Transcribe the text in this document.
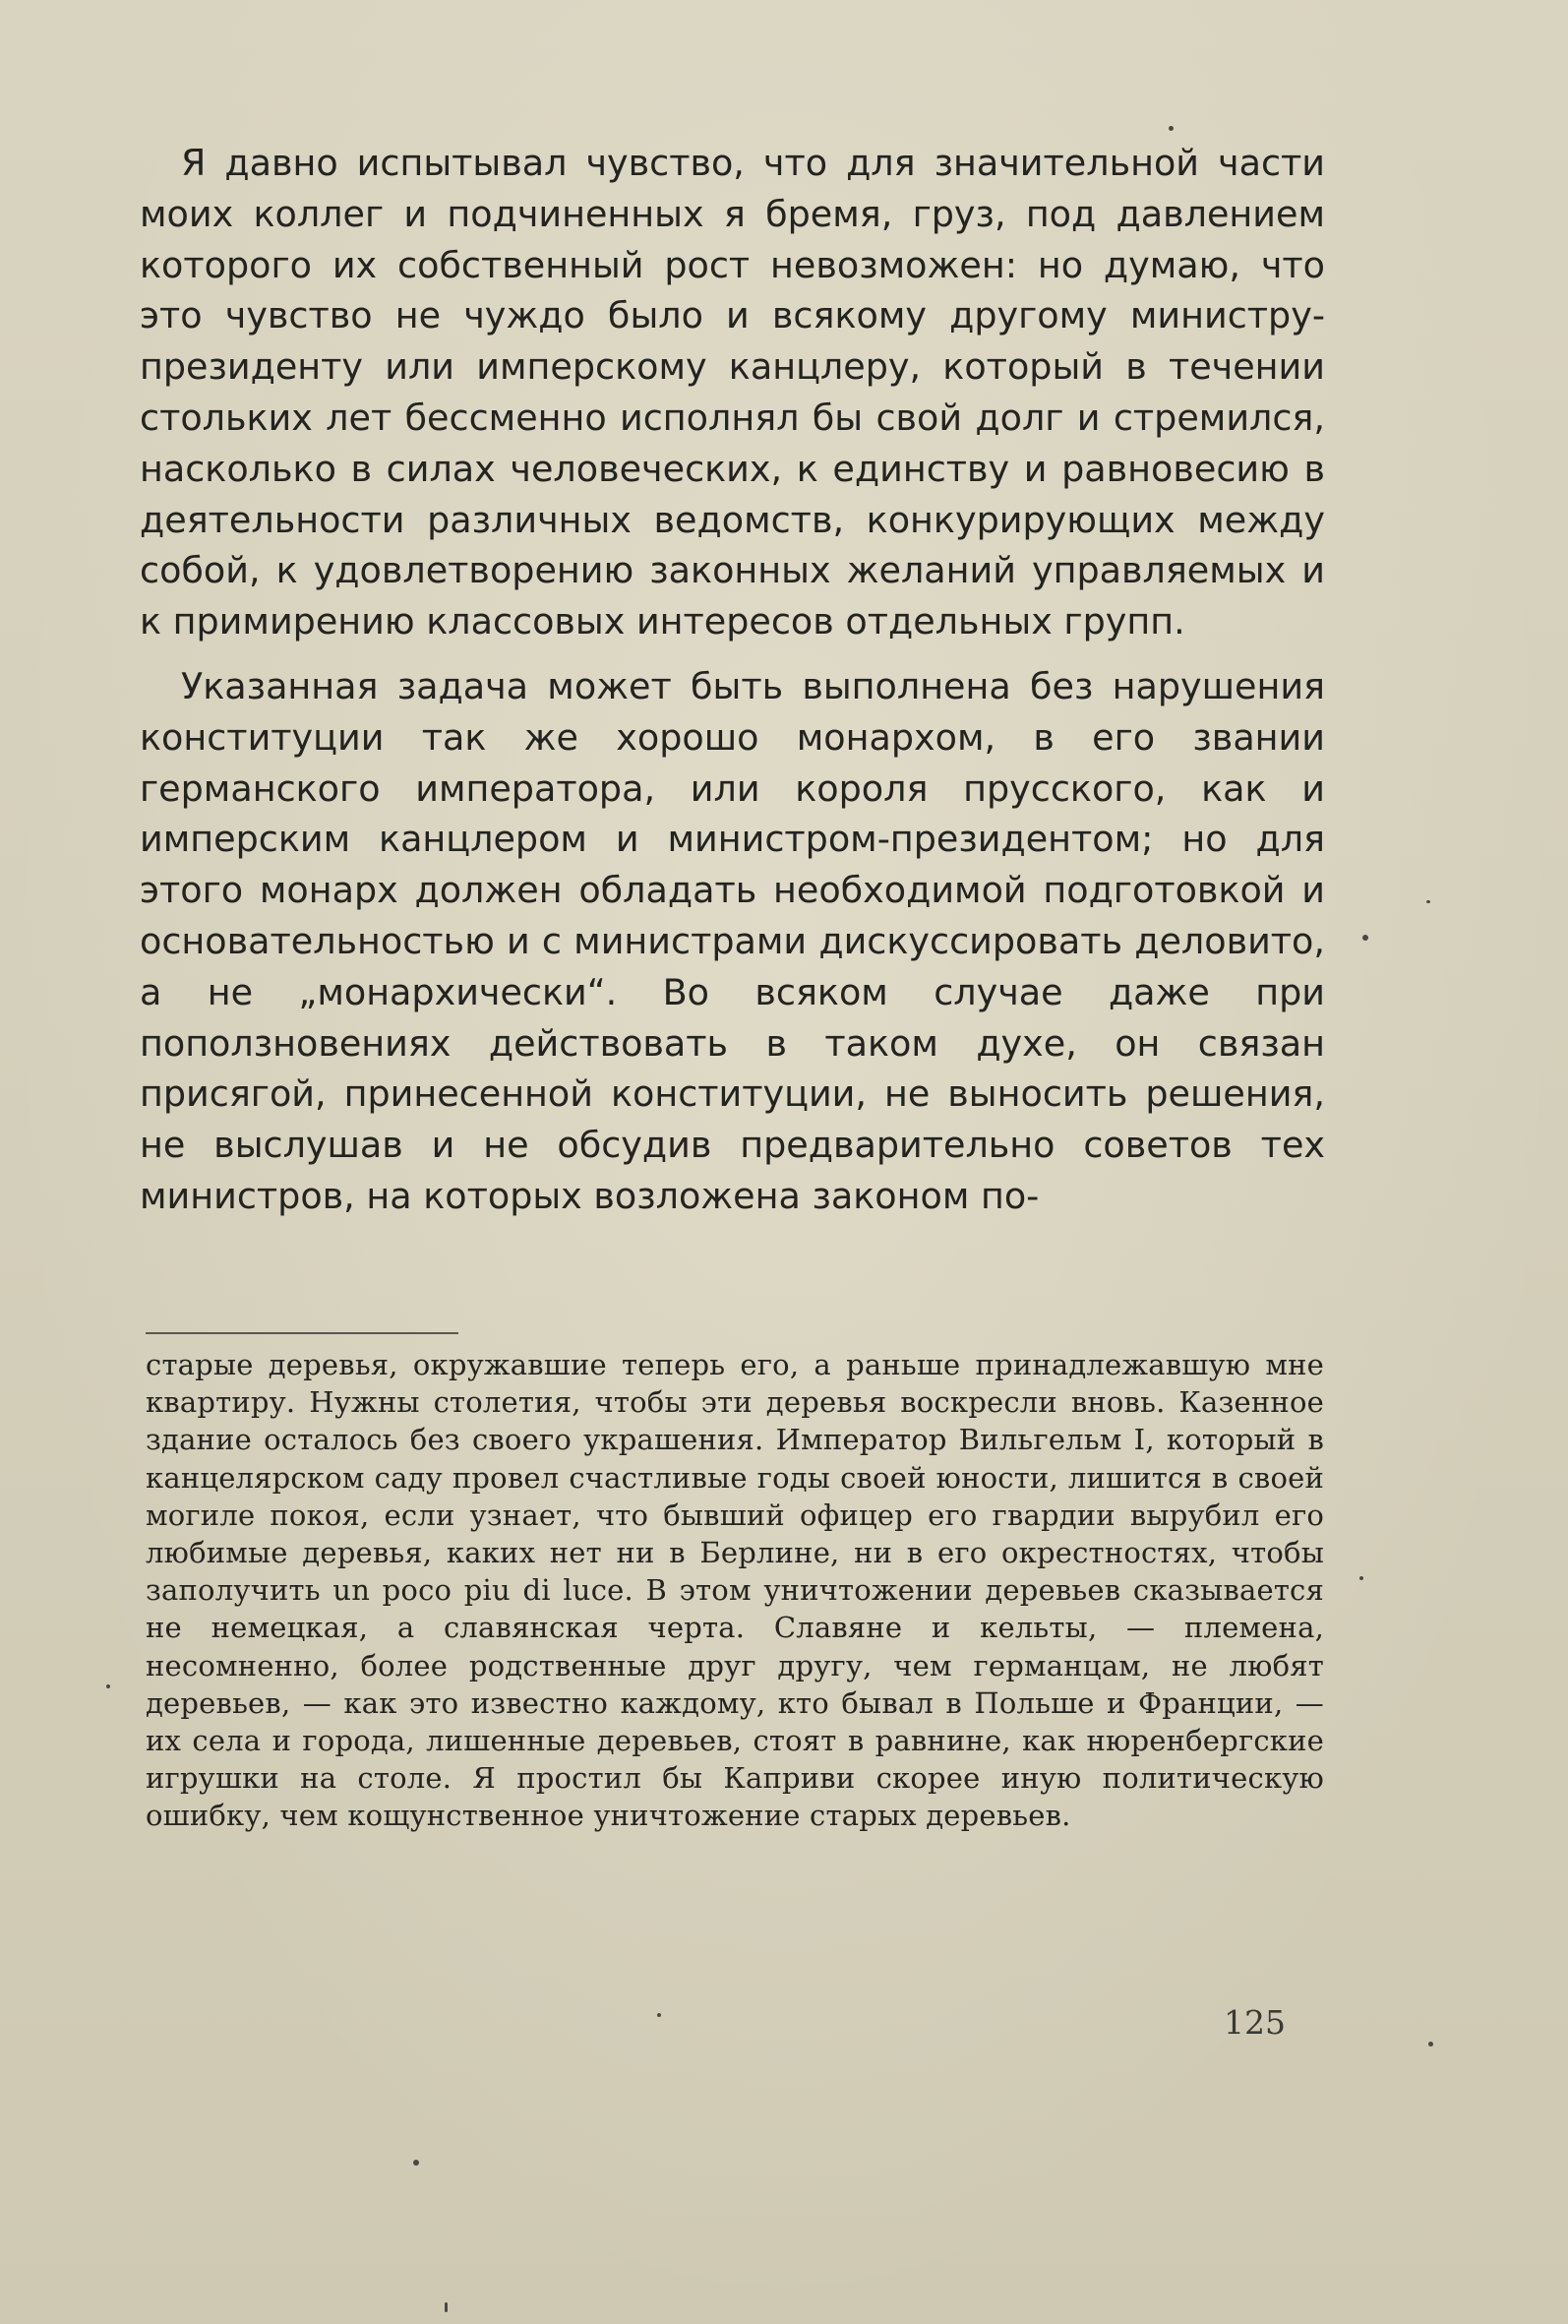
Я давно испытывал чувство, что для значительной части моих коллег и подчиненных я бремя, груз, под давлением которого их собственный рост невозможен: но думаю, что это чувство не чуждо было и всякому другому министру-президенту или имперскому канцлеру, который в течении стольких лет бессменно исполнял бы свой долг и стремился, насколько в силах человеческих, к единству и равновесию в деятельности различных ведомств, конкурирующих между собой, к удовлетворению законных желаний управляемых и к примирению классовых интересов отдельных групп.

Указанная задача может быть выполнена без нарушения конституции так же хорошо монархом, в его звании германского императора, или короля прусского, как и имперским канцлером и министром-президентом; но для этого монарх должен обладать необходимой подготовкой и основательностью и с министрами дискуссировать деловито, а не „монархически“. Во всяком случае даже при поползновениях действовать в таком духе, он связан присягой, принесенной конституции, не выносить решения, не выслушав и не обсудив предварительно советов тех министров, на которых возложена законом по-

старые деревья, окружавшие теперь его, а раньше принадлежавшую мне квартиру. Нужны столетия, чтобы эти деревья воскресли вновь. Казенное здание осталось без своего украшения. Император Вильгельм I, который в канцелярском саду провел счастливые годы своей юности, лишится в своей могиле покоя, если узнает, что бывший офицер его гвардии вырубил его любимые деревья, каких нет ни в Берлине, ни в его окрестностях, чтобы заполучить un poco piu di luce. В этом уничтожении деревьев сказывается не немецкая, а славянская черта. Славяне и кельты, — племена, несомненно, более родственные друг другу, чем германцам, не любят деревьев, — как это известно каждому, кто бывал в Польше и Франции, — их села и города, лишенные деревьев, стоят в равнине, как нюренбергские игрушки на столе. Я простил бы Каприви скорее иную политическую ошибку, чем кощунственное уничтожение старых деревьев.

125
